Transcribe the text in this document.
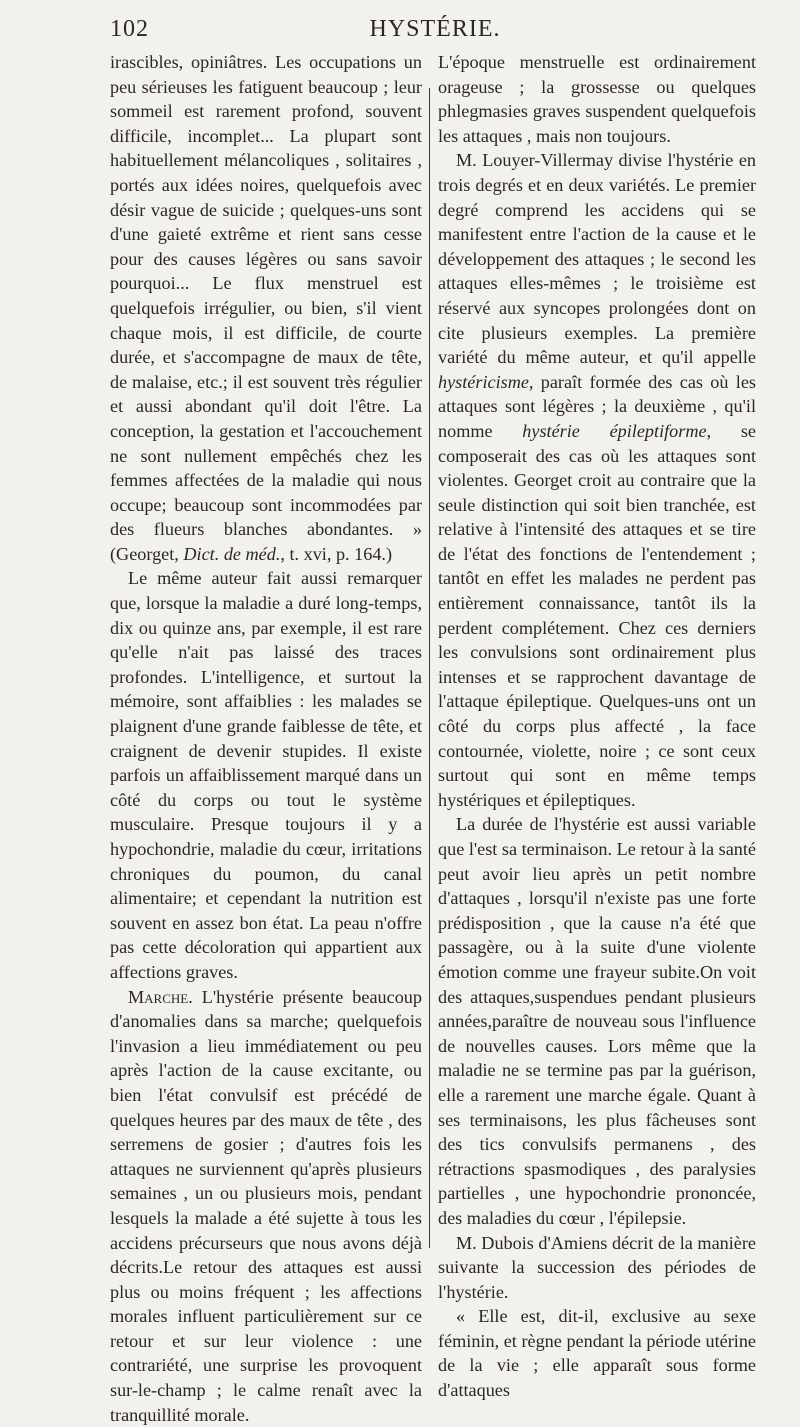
102	HYSTÉRIE.

irascibles, opiniâtres. Les occupations un peu sérieuses les fatiguent beaucoup ; leur sommeil est rarement profond, souvent difficile, incomplet... La plupart sont habituellement mélancoliques , solitaires , portés aux idées noires, quelquefois avec désir vague de suicide ; quelques-uns sont d'une gaieté extrême et rient sans cesse pour des causes légères ou sans savoir pourquoi... Le flux menstruel est quelquefois irrégulier, ou bien, s'il vient chaque mois, il est difficile, de courte durée, et s'accompagne de maux de tête, de malaise, etc.; il est souvent très régulier et aussi abondant qu'il doit l'être. La conception, la gestation et l'accouchement ne sont nullement empêchés chez les femmes affectées de la maladie qui nous occupe; beaucoup sont incommodées par des flueurs blanches abondantes. » (Georget, Dict. de méd., t. xvi, p. 164.)

Le même auteur fait aussi remarquer que, lorsque la maladie a duré long-temps, dix ou quinze ans, par exemple, il est rare qu'elle n'ait pas laissé des traces profondes. L'intelligence, et surtout la mémoire, sont affaiblies : les malades se plaignent d'une grande faiblesse de tête, et craignent de devenir stupides. Il existe parfois un affaiblissement marqué dans un côté du corps ou tout le système musculaire. Presque toujours il y a hypochondrie, maladie du cœur, irritations chroniques du poumon, du canal alimentaire; et cependant la nutrition est souvent en assez bon état. La peau n'offre pas cette décoloration qui appartient aux affections graves.

Marche. L'hystérie présente beaucoup d'anomalies dans sa marche; quelquefois l'invasion a lieu immédiatement ou peu après l'action de la cause excitante, ou bien l'état convulsif est précédé de quelques heures par des maux de tête , des serremens de gosier ; d'autres fois les attaques ne surviennent qu'après plusieurs semaines , un ou plusieurs mois, pendant lesquels la malade a été sujette à tous les accidens précurseurs que nous avons déjà décrits.Le retour des attaques est aussi plus ou moins fréquent ; les affections morales influent particulièrement sur ce retour et sur leur violence : une contrariété, une surprise les provoquent sur-le-champ ; le calme renaît avec la tranquillité morale.

L'époque menstruelle est ordinairement orageuse ; la grossesse ou quelques phlegmasies graves suspendent quelquefois les attaques , mais non toujours.

M. Louyer-Villermay divise l'hystérie en trois degrés et en deux variétés. Le premier degré comprend les accidens qui se manifestent entre l'action de la cause et le développement des attaques ; le second les attaques elles-mêmes ; le troisième est réservé aux syncopes prolongées dont on cite plusieurs exemples. La première variété du même auteur, et qu'il appelle hystéricisme, paraît formée des cas où les attaques sont légères ; la deuxième , qu'il nomme hystérie épileptiforme, se composerait des cas où les attaques sont violentes. Georget croit au contraire que la seule distinction qui soit bien tranchée, est relative à l'intensité des attaques et se tire de l'état des fonctions de l'entendement ; tantôt en effet les malades ne perdent pas entièrement connaissance, tantôt ils la perdent complétement. Chez ces derniers les convulsions sont ordinairement plus intenses et se rapprochent davantage de l'attaque épileptique. Quelques-uns ont un côté du corps plus affecté , la face contournée, violette, noire ; ce sont ceux surtout qui sont en même temps hystériques et épileptiques.

La durée de l'hystérie est aussi variable que l'est sa terminaison. Le retour à la santé peut avoir lieu après un petit nombre d'attaques , lorsqu'il n'existe pas une forte prédisposition , que la cause n'a été que passagère, ou à la suite d'une violente émotion comme une frayeur subite.On voit des attaques,suspendues pendant plusieurs années,paraître de nouveau sous l'influence de nouvelles causes. Lors même que la maladie ne se termine pas par la guérison, elle a rarement une marche égale. Quant à ses terminaisons, les plus fâcheuses sont des tics convulsifs permanens , des rétractions spasmodiques , des paralysies partielles , une hypochondrie prononcée, des maladies du cœur , l'épilepsie.

M. Dubois d'Amiens décrit de la manière suivante la succession des périodes de l'hystérie.

« Elle est, dit-il, exclusive au sexe féminin, et règne pendant la période utérine de la vie ; elle apparaît sous forme d'attaques
